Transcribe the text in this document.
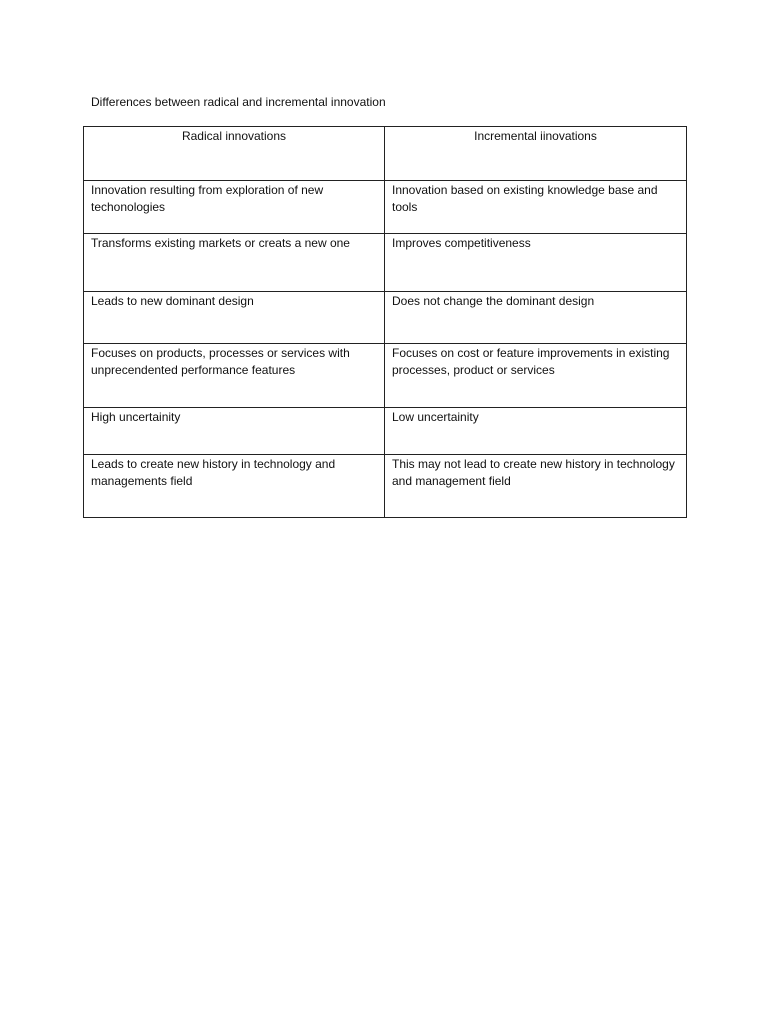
Differences between radical and incremental innovation
Radical innovations	Incremental iinovations
Innovation resulting from exploration of new techonologies	Innovation based on existing knowledge base and tools
Transforms existing markets or creats a new one	Improves competitiveness
Leads to new dominant design	Does not change the dominant design
Focuses on products, processes or services with unprecendented performance features	Focuses on cost or feature improvements in existing processes, product or services
High uncertainity	Low uncertainity
Leads to create new history in technology and managements field	This may not lead to create new history in technology and management field
